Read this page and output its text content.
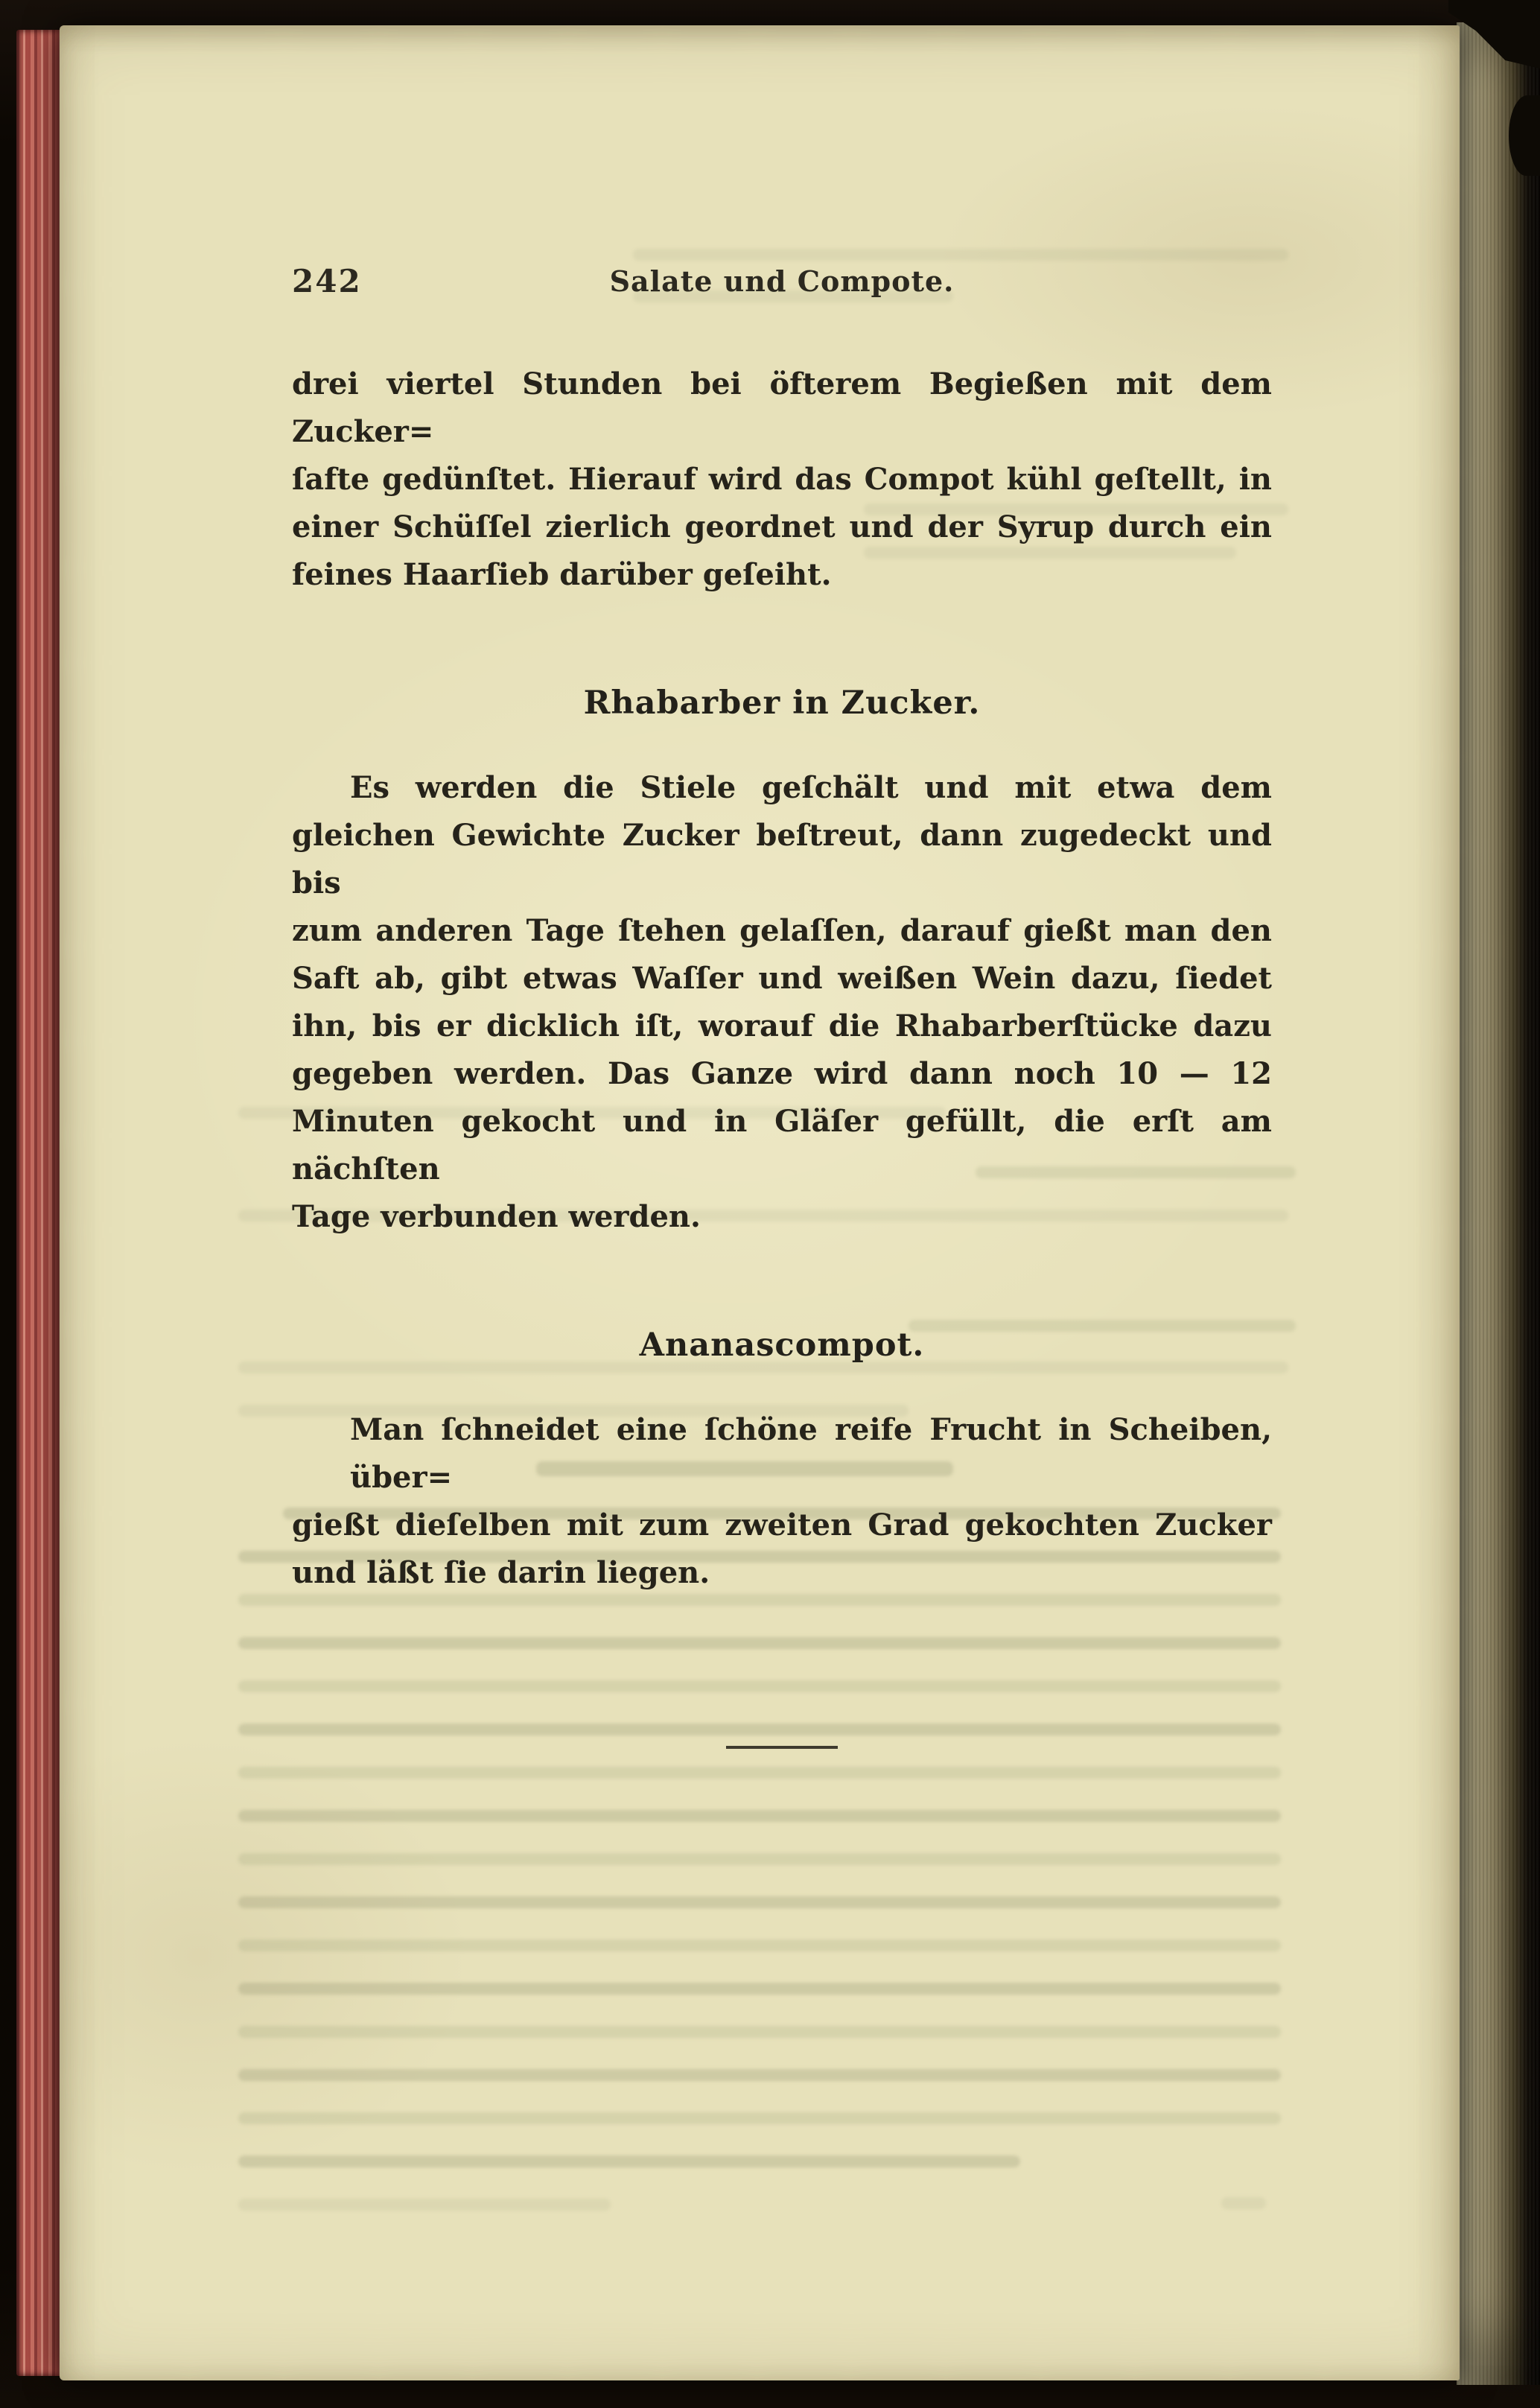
242	Salate und Compote.
drei viertel Stunden bei öfterem Begießen mit dem Zucker=
ſafte gedünſtet. Hierauf wird das Compot kühl geſtellt, in
einer Schüſſel zierlich geordnet und der Syrup durch ein
feines Haarſieb darüber geſeiht.
Rhabarber in Zucker.
Es werden die Stiele geſchält und mit etwa dem
gleichen Gewichte Zucker beſtreut, dann zugedeckt und bis
zum anderen Tage ſtehen gelaſſen, darauf gießt man den
Saft ab, gibt etwas Waſſer und weißen Wein dazu, ſiedet
ihn, bis er dicklich iſt, worauf die Rhabarberſtücke dazu
gegeben werden. Das Ganze wird dann noch 10 — 12
Minuten gekocht und in Gläſer gefüllt, die erſt am nächſten
Tage verbunden werden.
Ananascompot.
Man ſchneidet eine ſchöne reife Frucht in Scheiben, über=
gießt dieſelben mit zum zweiten Grad gekochten Zucker
und läßt ſie darin liegen.
